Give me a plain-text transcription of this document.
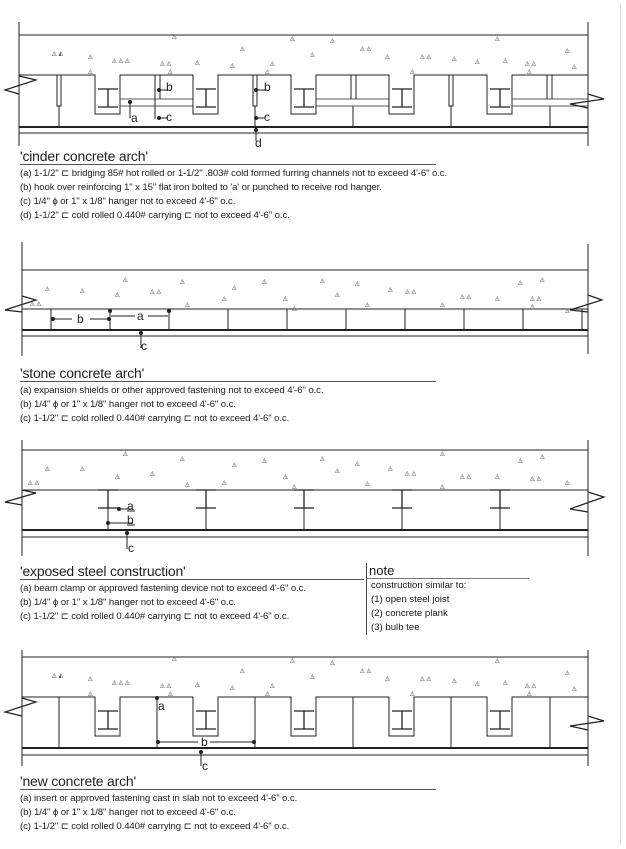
b
a c
b
c
d
◬ ◭	◬
◬ ◬ ◬	◬ ◬	◬	◬	◬
◬
◬
◬
◬ ◬
◬	◬ ◬	◬	◬	◬	◬ ◬
◬
◬
◬	◬	◬	◬	◬
◬
◬	◬
'cinder concrete arch'
(a) 1-1/2" ⊏ bridging 85# hot rolled or 1-1/2" .803# cold formed furring channels not to exceed 4'-6" o.c.
(b) hook over reinforcing 1" x 15" flat iron bolted to 'a' or punched to receive rod hanger.
(c) 1/4" ϕ or 1" x 1/8" hanger not to exceed 4'-6" o.c.
(d) 1-1/2" ⊏ cold rolled 0.440# carrying ⊏ not to exceed 4'-6" o.c.
b	a
c
◬
◬ ◬
◬
◬	◬ ◬
◬
◬
◬
◬
◬
◬
◬
◬
◬
◬
◬ ◬ ◬
◬
◬ ◬	◬
◬
◬	◬
◬ ◬
◬
◬
◬
'stone concrete arch'
(a) expansion shields or other approved fastening not to exceed 4'-6" o.c.
(b) 1/4" ϕ or 1" x 1/8" hanger not to exceed 4'-6" o.c.
(c) 1-1/2" ⊏ cold rolled 0.440# carrying ⊏ not to exceed 4'-6" o.c.
a
b
c
◬
◬ ◬
◬
◬	◬
◬	◬
◬
◬
◬
◬
◬
◬
◬
◬
◬
◬ ◬
◬
◬ ◬	◬	◬ ◬
◬
◬
◬
◬
◬	◬
'exposed steel construction'
(a) beam clamp or approved fastening device not to exceed 4'-6" o.c.
(b) 1/4" ϕ or 1" x 1/8" hanger not to exceed 4'-6" o.c.
(c) 1-1/2" ⊏ cold rolled 0.440# carrying ⊏ not to exceed 4'-6" o.c.
note
construction similar to:
(1) open steel joist
(2) concrete plank
(3) bulb tee
a
b
c
◬ ◭	◬
◬ ◬ ◬	◬ ◬	◬	◬	◬
◬
◬
◬
◬ ◬
◬	◬ ◬	◬	◬	◬	◬ ◬
◬
◬
◬	◬	◬	◬	◬
◬
◬	◬
'new concrete arch'
(a) insert or approved fastening cast in slab not to exceed 4'-6" o.c.
(b) 1/4" ϕ or 1" x 1/8" hanger not to exceed 4'-6" o.c.
(c) 1-1/2" ⊏ cold rolled 0.440# carrying ⊏ not to exceed 4'-6" o.c.
